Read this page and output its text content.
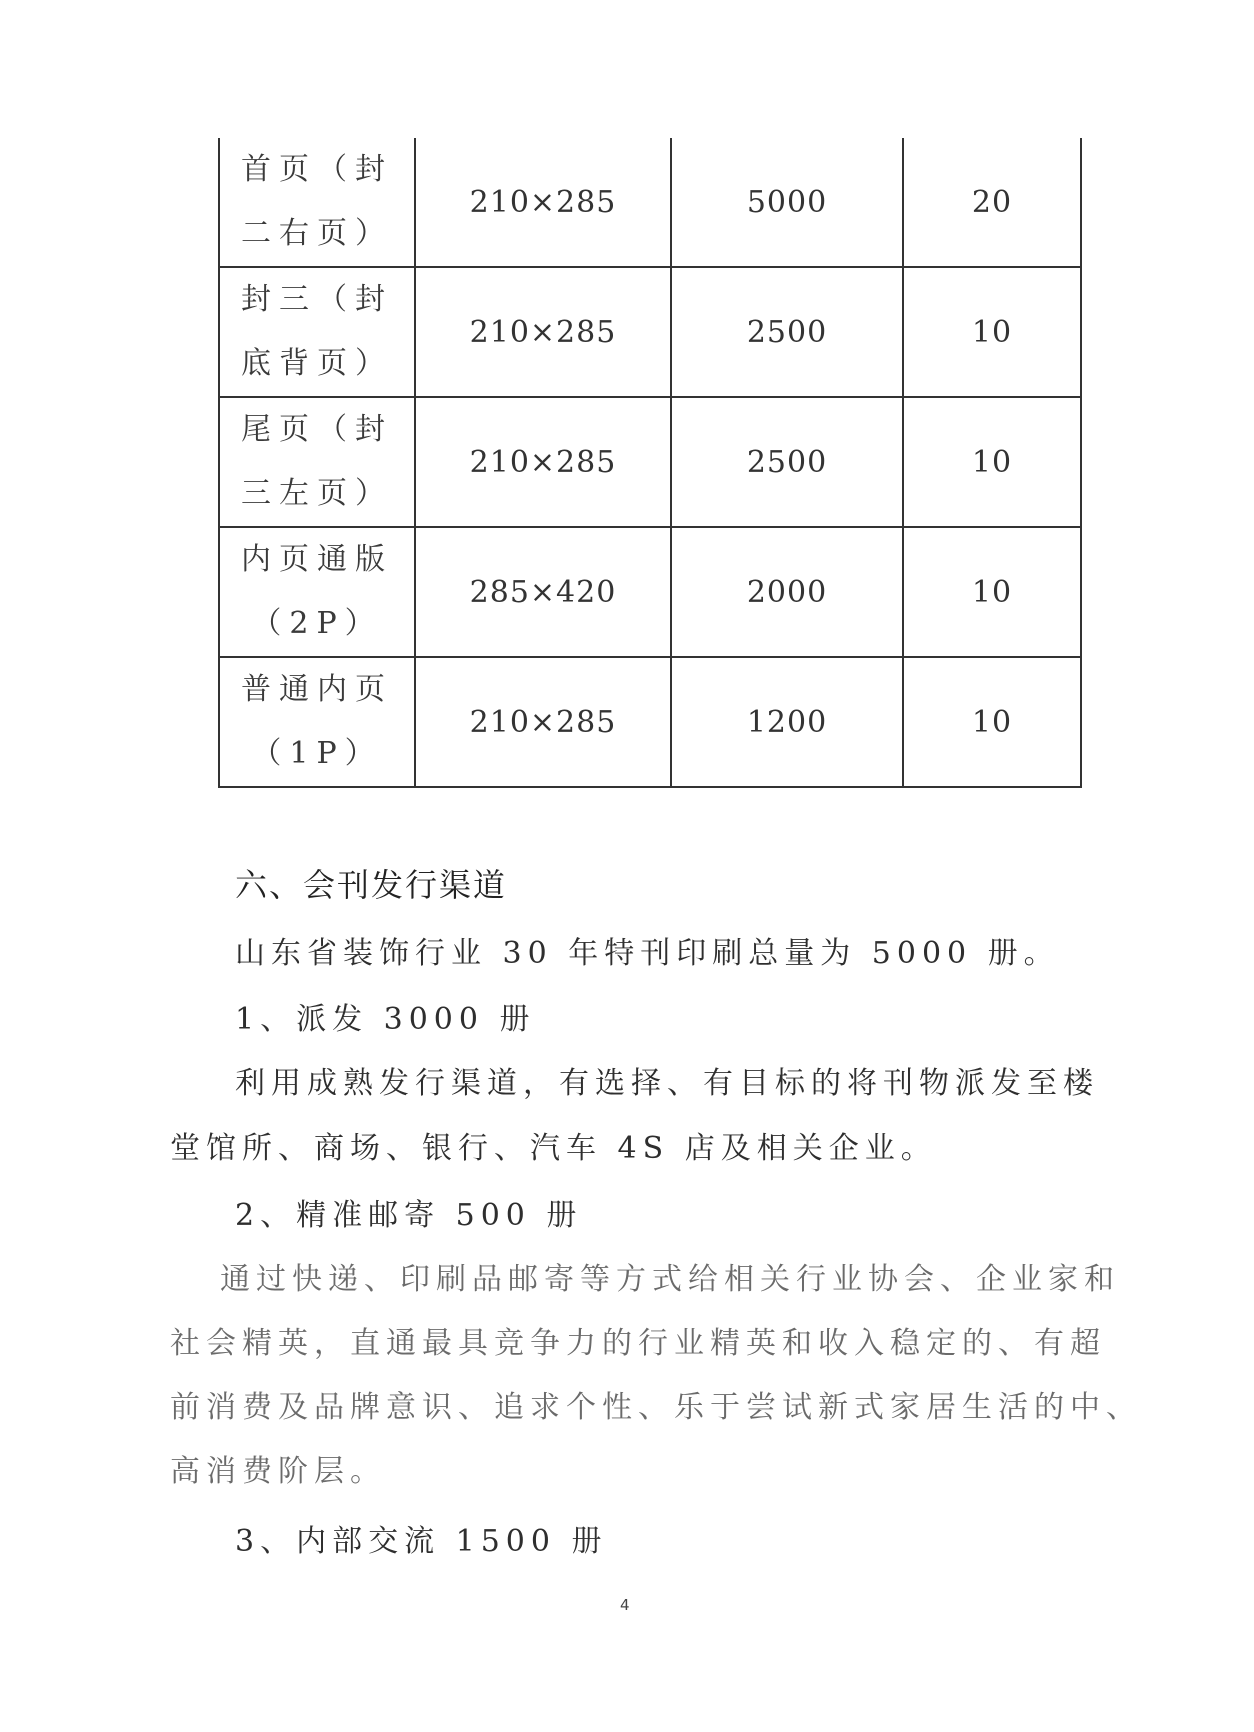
首页（封二右页）	210×285	5000	20
封三（封底背页）	210×285	2500	10
尾页（封三左页）	210×285	2500	10
内页通版（2P）	285×420	2000	10
普通内页（1P）	210×285	1200	10
六、会刊发行渠道
山东省装饰行业 30 年特刊印刷总量为 5000 册。
1、派发 3000 册
利用成熟发行渠道，有选择、有目标的将刊物派发至楼
堂馆所、商场、银行、汽车 4S 店及相关企业。
2、精准邮寄 500 册
通过快递、印刷品邮寄等方式给相关行业协会、企业家和
社会精英，直通最具竞争力的行业精英和收入稳定的、有超
前消费及品牌意识、追求个性、乐于尝试新式家居生活的中、
高消费阶层。
3、内部交流 1500 册
4
